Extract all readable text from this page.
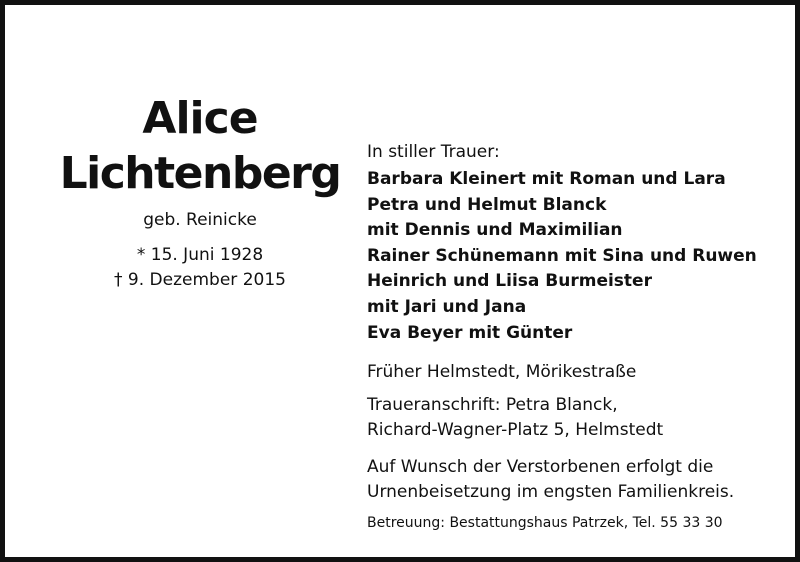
Alice
Lichtenberg
geb. Reinicke
* 15. Juni 1928
† 9. Dezember 2015
In stiller Trauer:
Barbara Kleinert mit Roman und Lara
Petra und Helmut Blanck
mit Dennis und Maximilian
Rainer Schünemann mit Sina und Ruwen
Heinrich und Liisa Burmeister
mit Jari und Jana
Eva Beyer mit Günter
Früher Helmstedt, Mörikestraße
Traueranschrift: Petra Blanck,
Richard-Wagner-Platz 5, Helmstedt
Auf Wunsch der Verstorbenen erfolgt die
Urnenbeisetzung im engsten Familienkreis.
Betreuung: Bestattungshaus Patrzek, Tel. 55 33 30
